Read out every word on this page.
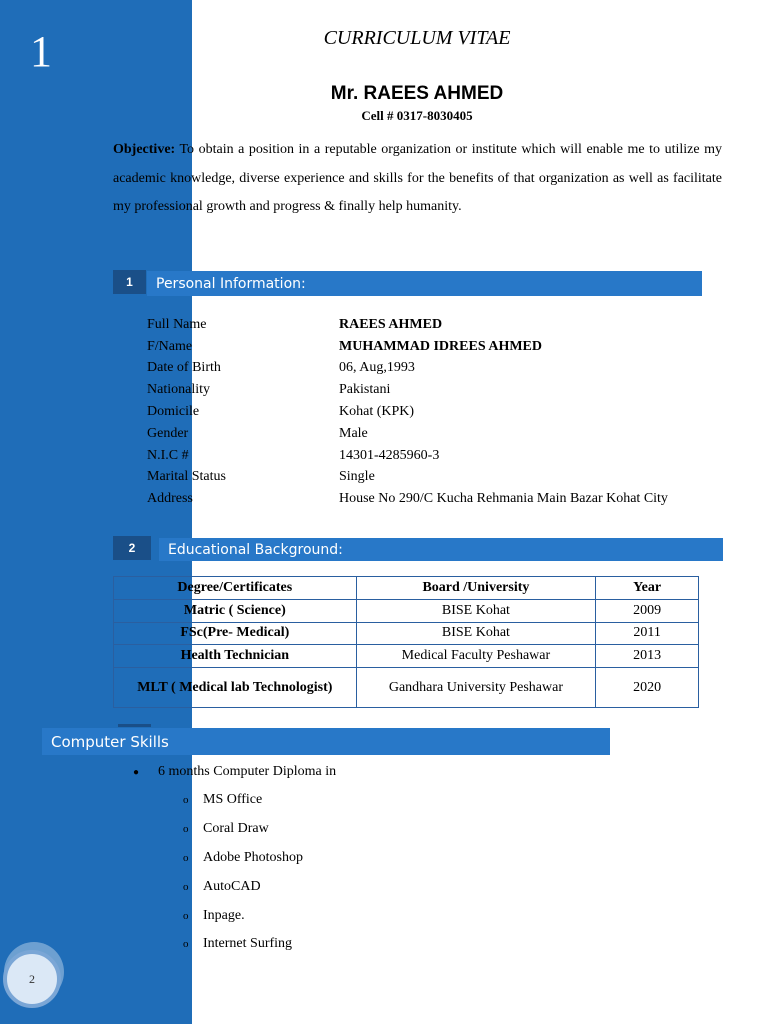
1
2
CURRICULUM VITAE
Mr. RAEES AHMED
Cell # 0317-8030405
Objective: To obtain a position in a reputable organization or institute which will enable me to utilize my academic knowledge, diverse experience and skills for the benefits of that organization as well as facilitate my professional growth and progress & finally help humanity.
1	Personal Information:
Full Name	RAEES AHMED
F/Name	MUHAMMAD IDREES AHMED
Date of Birth	06, Aug,1993
Nationality	Pakistani
Domicile	Kohat (KPK)
Gender	Male
N.I.C #	14301-4285960-3
Marital Status	Single
Address	House No 290/C Kucha Rehmania Main Bazar Kohat City
2	Educational Background:
Degree/Certificates	Board /University	Year
Matric ( Science)	BISE Kohat	2009
FSc(Pre- Medical)	BISE Kohat	2011
Health Technician	Medical Faculty Peshawar	2013
MLT ( Medical lab Technologist)	Gandhara University Peshawar	2020
Computer Skills
●	6 months Computer Diploma in
o	MS Office
o	Coral Draw
o	Adobe Photoshop
o	AutoCAD
o	Inpage.
o	Internet Surfing
